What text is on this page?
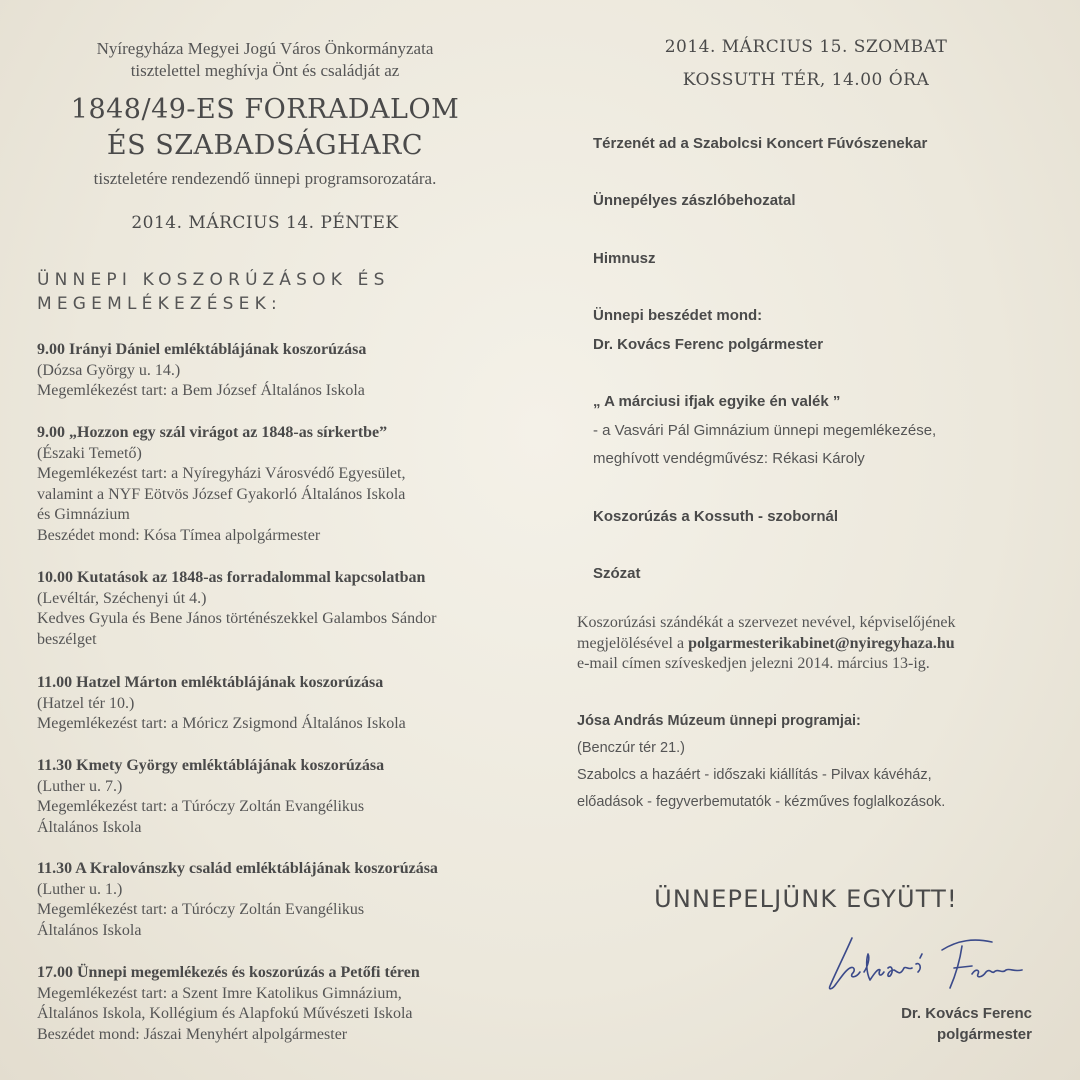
Nyíregyháza Megyei Jogú Város Önkormányzata
tisztelettel meghívja Önt és családját az
1848/49-ES FORRADALOM
ÉS SZABADSÁGHARC
tiszteletére rendezendő ünnepi programsorozatára.
2014. MÁRCIUS 14. PÉNTEK
ÜNNEPI KOSZORÚZÁSOK ÉS
MEGEMLÉKEZÉSEK:
9.00 Irányi Dániel emléktáblájának koszorúzása
(Dózsa György u. 14.)
Megemlékezést tart: a Bem József Általános Iskola
9.00 „Hozzon egy szál virágot az 1848-as sírkertbe”
(Északi Temető)
Megemlékezést tart: a Nyíregyházi Városvédő Egyesület,
valamint a NYF Eötvös József Gyakorló Általános Iskola
és Gimnázium
Beszédet mond: Kósa Tímea alpolgármester
10.00 Kutatások az 1848-as forradalommal kapcsolatban
(Levéltár, Széchenyi út 4.)
Kedves Gyula és Bene János történészekkel Galambos Sándor
beszélget
11.00 Hatzel Márton emléktáblájának koszorúzása
(Hatzel tér 10.)
Megemlékezést tart: a Móricz Zsigmond Általános Iskola
11.30 Kmety György emléktáblájának koszorúzása
(Luther u. 7.)
Megemlékezést tart: a Túróczy Zoltán Evangélikus
Általános Iskola
11.30 A Kralovánszky család emléktáblájának koszorúzása
(Luther u. 1.)
Megemlékezést tart: a Túróczy Zoltán Evangélikus
Általános Iskola
17.00 Ünnepi megemlékezés és koszorúzás a Petőfi téren
Megemlékezést tart: a Szent Imre Katolikus Gimnázium,
Általános Iskola, Kollégium és Alapfokú Művészeti Iskola
Beszédet mond: Jászai Menyhért alpolgármester
2014. MÁRCIUS 15. SZOMBAT
KOSSUTH TÉR, 14.00 ÓRA
Térzenét ad a Szabolcsi Koncert Fúvószenekar
Ünnepélyes zászlóbehozatal
Himnusz
Ünnepi beszédet mond:
Dr. Kovács Ferenc polgármester
„ A márciusi ifjak egyike én valék ”
- a Vasvári Pál Gimnázium ünnepi megemlékezése,
meghívott vendégművész: Rékasi Károly
Koszorúzás a Kossuth - szobornál
Szózat
Koszorúzási szándékát a szervezet nevével, képviselőjének
megjelölésével a polgarmesterikabinet@nyiregyhaza.hu
e-mail címen szíveskedjen jelezni 2014. március 13-ig.
Jósa András Múzeum ünnepi programjai:
(Benczúr tér 21.)
Szabolcs a hazáért - időszaki kiállítás - Pilvax kávéház,
előadások - fegyverbemutatók - kézműves foglalkozások.
ÜNNEPELJÜNK EGYÜTT!
Dr. Kovács Ferenc
polgármester
